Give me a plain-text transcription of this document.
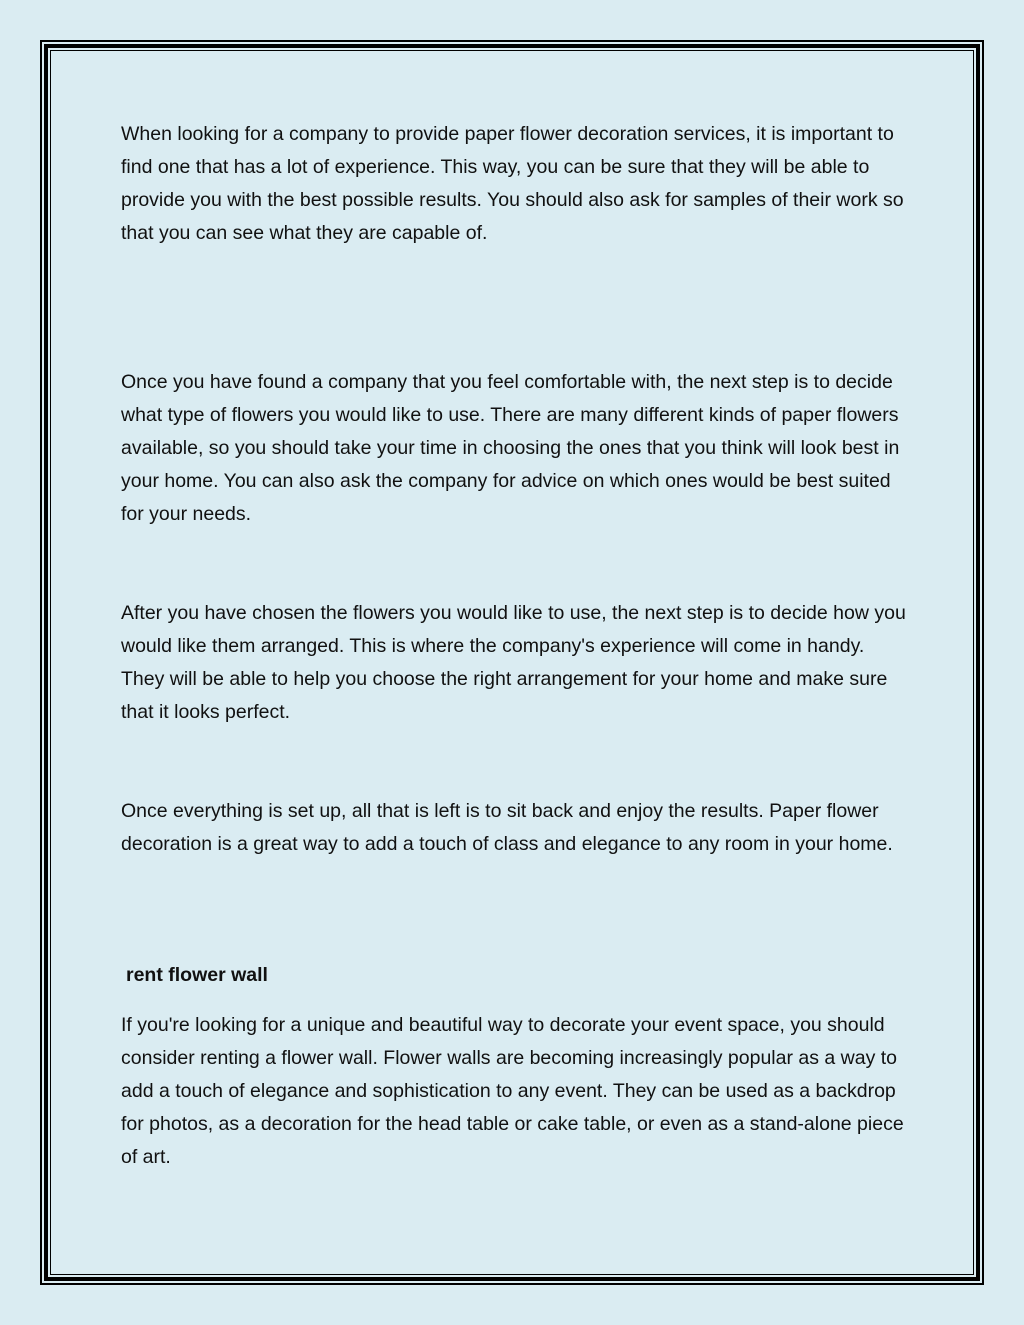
When looking for a company to provide paper flower decoration services, it is important to find one that has a lot of experience. This way, you can be sure that they will be able to provide you with the best possible results. You should also ask for samples of their work so that you can see what they are capable of.

Once you have found a company that you feel comfortable with, the next step is to decide what type of flowers you would like to use. There are many different kinds of paper flowers available, so you should take your time in choosing the ones that you think will look best in your home. You can also ask the company for advice on which ones would be best suited for your needs.

After you have chosen the flowers you would like to use, the next step is to decide how you would like them arranged. This is where the company's experience will come in handy. They will be able to help you choose the right arrangement for your home and make sure that it looks perfect.

Once everything is set up, all that is left is to sit back and enjoy the results. Paper flower decoration is a great way to add a touch of class and elegance to any room in your home.

rent flower wall

If you're looking for a unique and beautiful way to decorate your event space, you should consider renting a flower wall. Flower walls are becoming increasingly popular as a way to add a touch of elegance and sophistication to any event. They can be used as a backdrop for photos, as a decoration for the head table or cake table, or even as a stand-alone piece of art.
